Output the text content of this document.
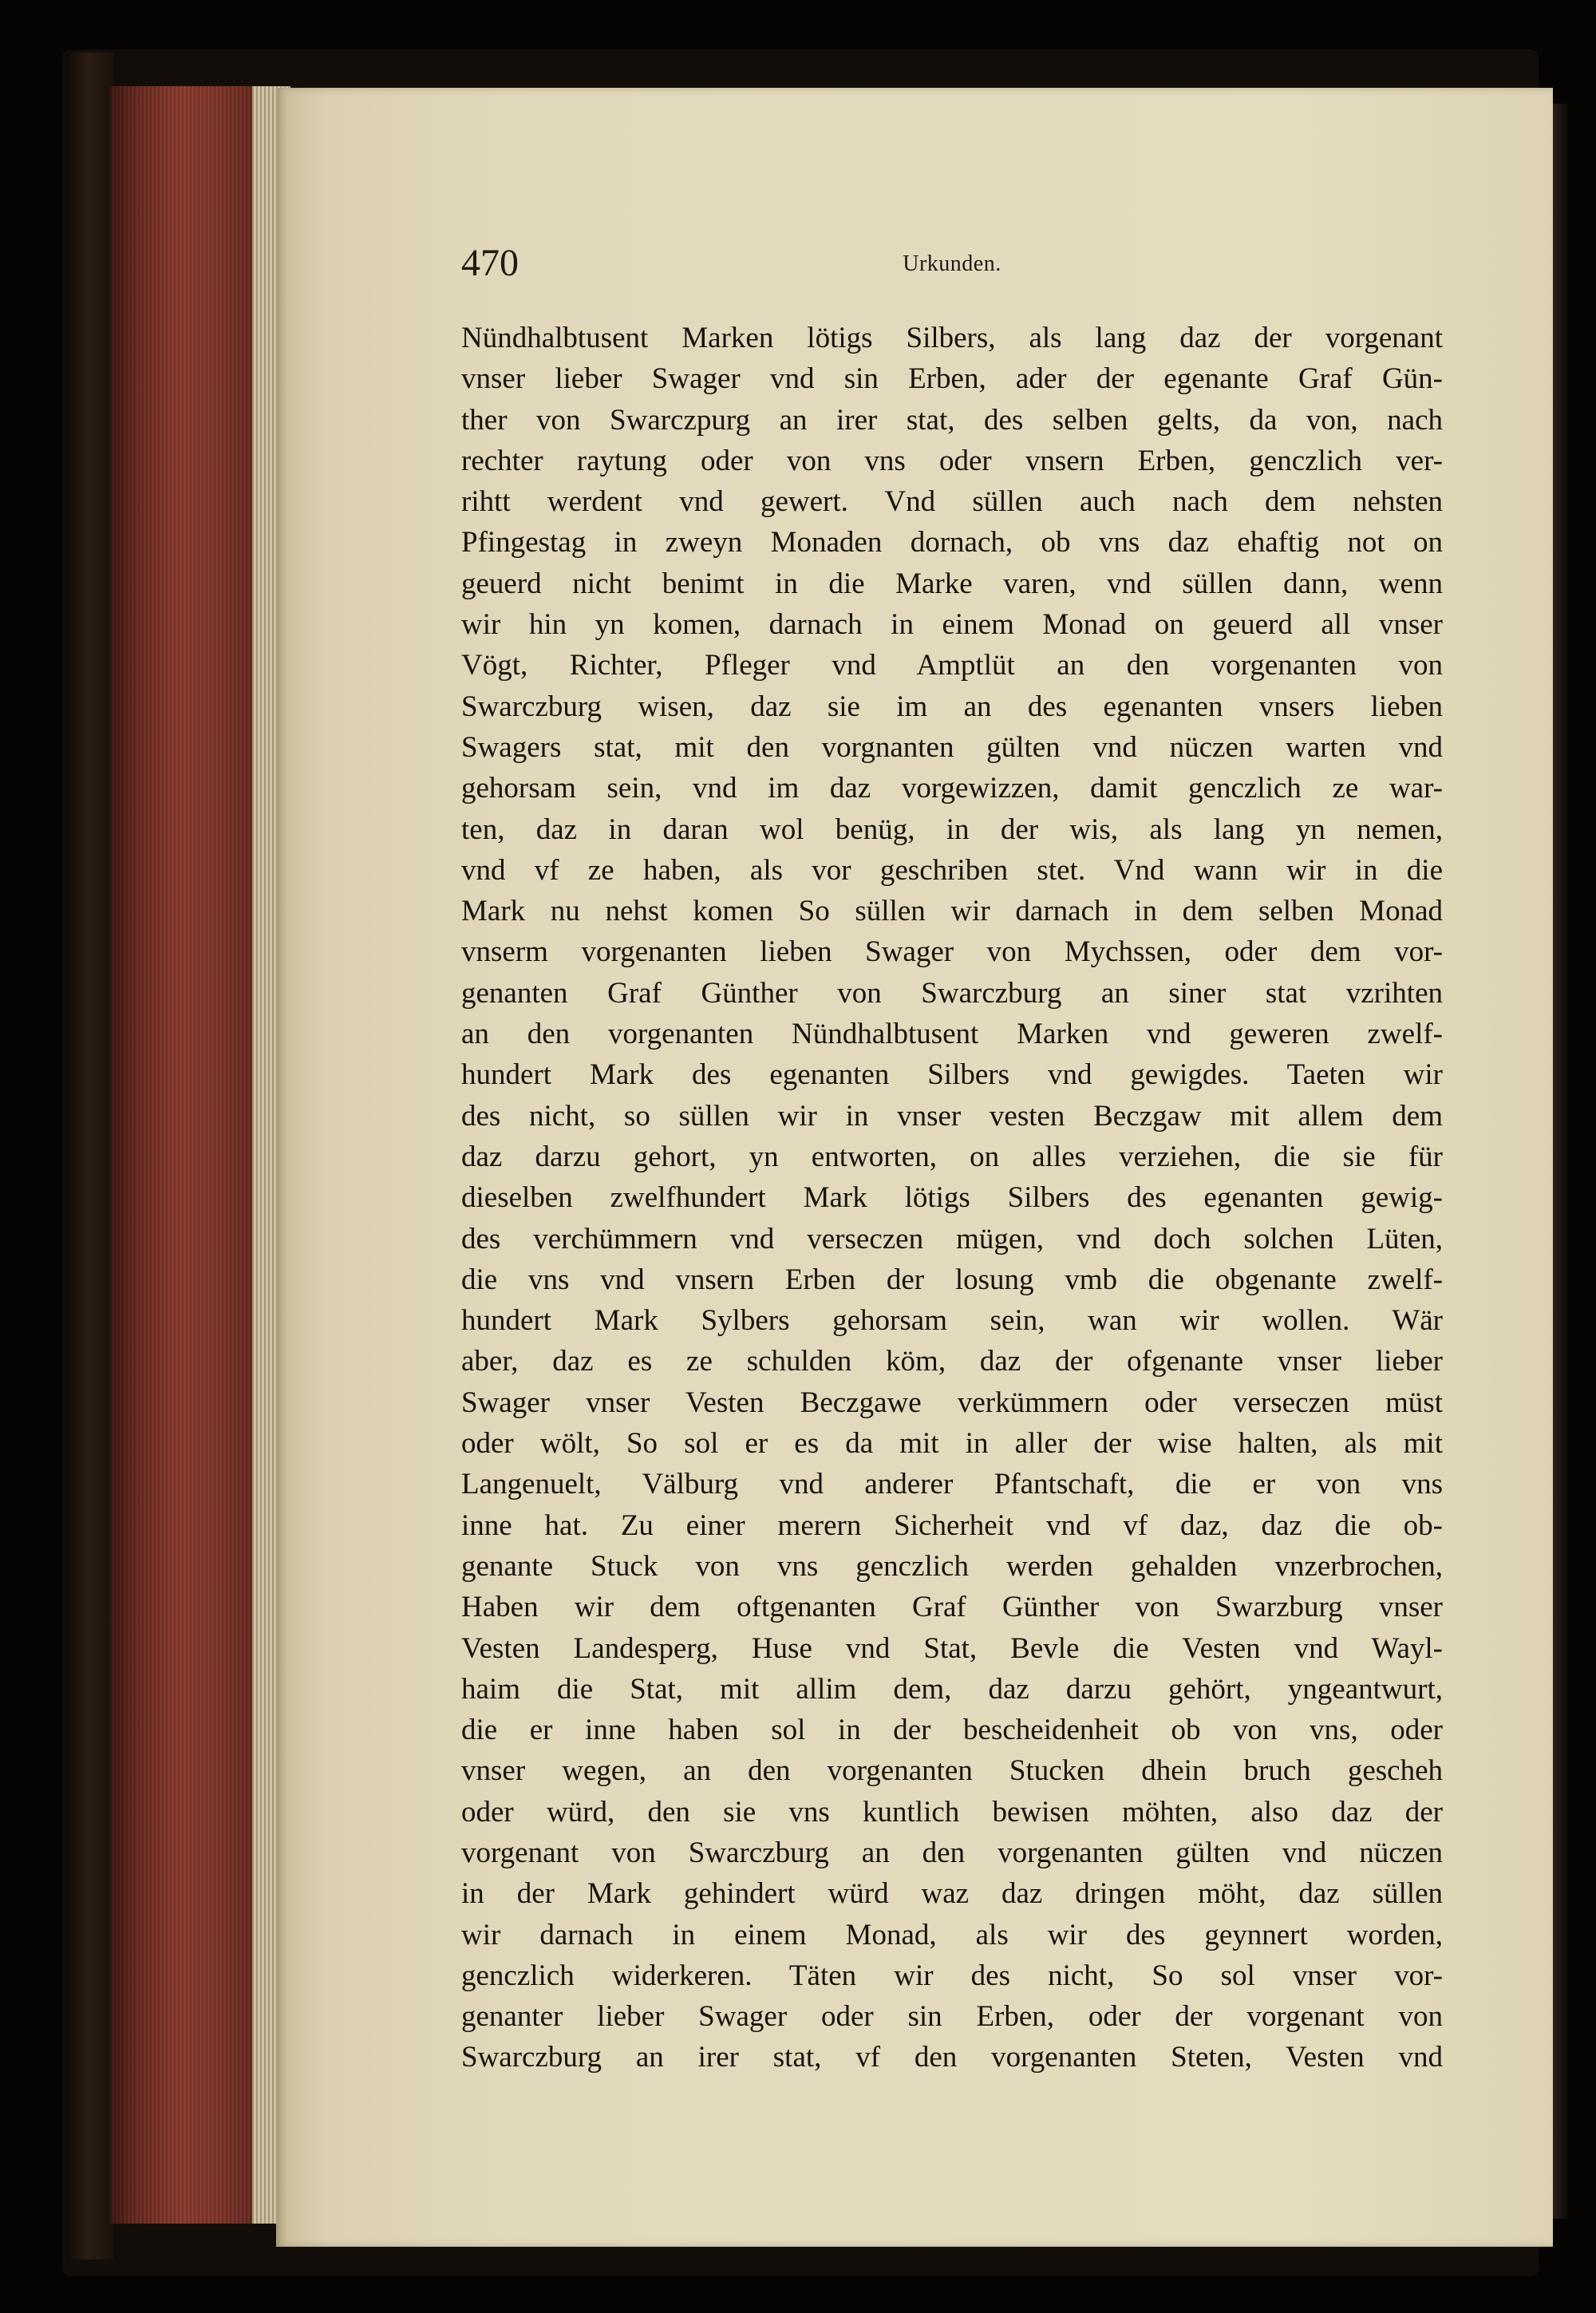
470	Urkunden.
Nündhalbtusent Marken lötigs Silbers, als lang daz der vorgenant
vnser lieber Swager vnd sin Erben, ader der egenante Graf Gün-
ther von Swarczpurg an irer stat, des selben gelts, da von, nach
rechter raytung oder von vns oder vnsern Erben, genczlich ver-
rihtt werdent vnd gewert. Vnd süllen auch nach dem nehsten
Pfingestag in zweyn Monaden dornach, ob vns daz ehaftig not on
geuerd nicht benimt in die Marke varen, vnd süllen dann, wenn
wir hin yn komen, darnach in einem Monad on geuerd all vnser
Vögt, Richter, Pfleger vnd Amptlüt an den vorgenanten von
Swarczburg wisen, daz sie im an des egenanten vnsers lieben
Swagers stat, mit den vorgnanten gülten vnd nüczen warten vnd
gehorsam sein, vnd im daz vorgewizzen, damit genczlich ze war-
ten, daz in daran wol benüg, in der wis, als lang yn nemen,
vnd vf ze haben, als vor geschriben stet. Vnd wann wir in die
Mark nu nehst komen So süllen wir darnach in dem selben Monad
vnserm vorgenanten lieben Swager von Mychssen, oder dem vor-
genanten Graf Günther von Swarczburg an siner stat vzrihten
an den vorgenanten Nündhalbtusent Marken vnd geweren zwelf-
hundert Mark des egenanten Silbers vnd gewigdes. Taeten wir
des nicht, so süllen wir in vnser vesten Beczgaw mit allem dem
daz darzu gehort, yn entworten, on alles verziehen, die sie für
dieselben zwelfhundert Mark lötigs Silbers des egenanten gewig-
des verchümmern vnd verseczen mügen, vnd doch solchen Lüten,
die vns vnd vnsern Erben der losung vmb die obgenante zwelf-
hundert Mark Sylbers gehorsam sein, wan wir wollen. Wär
aber, daz es ze schulden köm, daz der ofgenante vnser lieber
Swager vnser Vesten Beczgawe verkümmern oder verseczen müst
oder wölt, So sol er es da mit in aller der wise halten, als mit
Langenuelt, Välburg vnd anderer Pfantschaft, die er von vns
inne hat. Zu einer merern Sicherheit vnd vf daz, daz die ob-
genante Stuck von vns genczlich werden gehalden vnzerbrochen,
Haben wir dem oftgenanten Graf Günther von Swarzburg vnser
Vesten Landesperg, Huse vnd Stat, Bevle die Vesten vnd Wayl-
haim die Stat, mit allim dem, daz darzu gehört, yngeantwurt,
die er inne haben sol in der bescheidenheit ob von vns, oder
vnser wegen, an den vorgenanten Stucken dhein bruch gescheh
oder würd, den sie vns kuntlich bewisen möhten, also daz der
vorgenant von Swarczburg an den vorgenanten gülten vnd nüczen
in der Mark gehindert würd waz daz dringen möht, daz süllen
wir darnach in einem Monad, als wir des geynnert worden,
genczlich widerkeren. Täten wir des nicht, So sol vnser vor-
genanter lieber Swager oder sin Erben, oder der vorgenant von
Swarczburg an irer stat, vf den vorgenanten Steten, Vesten vnd
